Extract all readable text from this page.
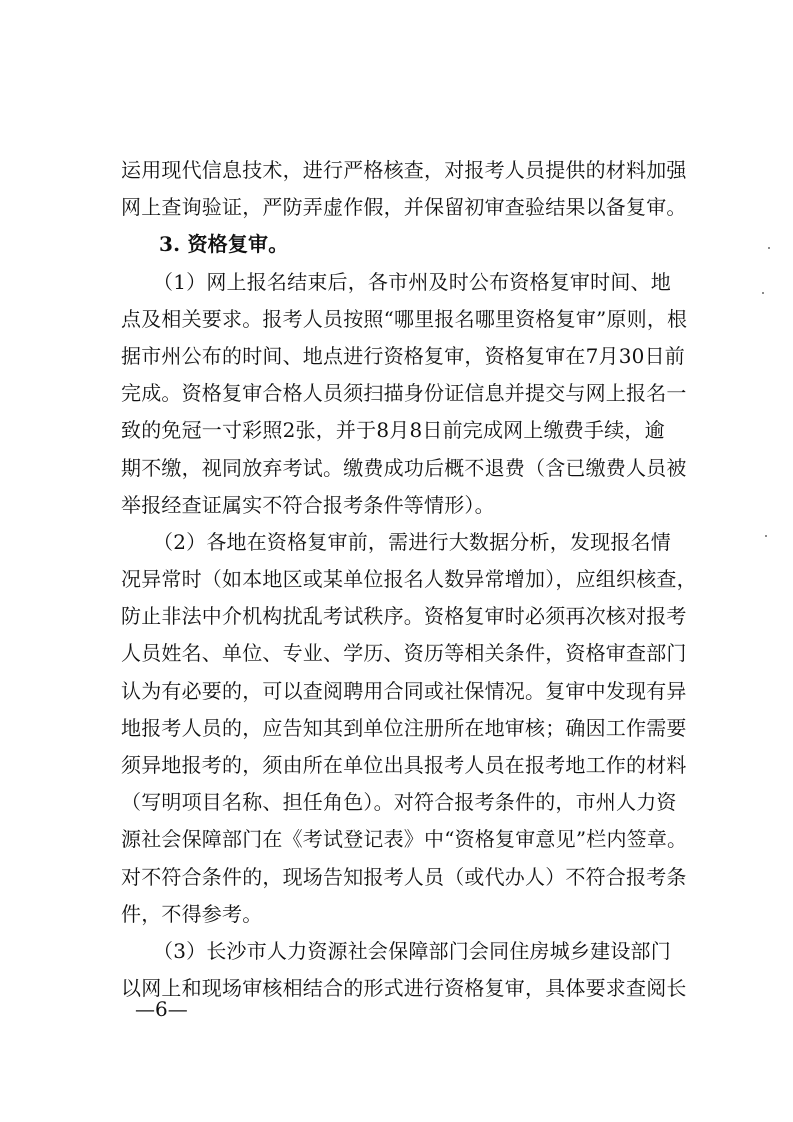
运用现代信息技术，进行严格核查，对报考人员提供的材料加强
网上查询验证，严防弄虚作假，并保留初审查验结果以备复审。
3. 资格复审。
（1）网上报名结束后，各市州及时公布资格复审时间、地
点及相关要求。报考人员按照“哪里报名哪里资格复审”原则，根
据市州公布的时间、地点进行资格复审，资格复审在7月30日前
完成。资格复审合格人员须扫描身份证信息并提交与网上报名一
致的免冠一寸彩照2张，并于8月8日前完成网上缴费手续，逾
期不缴，视同放弃考试。缴费成功后概不退费（含已缴费人员被
举报经查证属实不符合报考条件等情形）。
（2）各地在资格复审前，需进行大数据分析，发现报名情
况异常时（如本地区或某单位报名人数异常增加），应组织核查，
防止非法中介机构扰乱考试秩序。资格复审时必须再次核对报考
人员姓名、单位、专业、学历、资历等相关条件，资格审查部门
认为有必要的，可以查阅聘用合同或社保情况。复审中发现有异
地报考人员的，应告知其到单位注册所在地审核；确因工作需要
须异地报考的，须由所在单位出具报考人员在报考地工作的材料
（写明项目名称、担任角色）。对符合报考条件的，市州人力资
源社会保障部门在《考试登记表》中“资格复审意见”栏内签章。
对不符合条件的，现场告知报考人员（或代办人）不符合报考条
件，不得参考。
（3）长沙市人力资源社会保障部门会同住房城乡建设部门
以网上和现场审核相结合的形式进行资格复审，具体要求查阅长
—6—
